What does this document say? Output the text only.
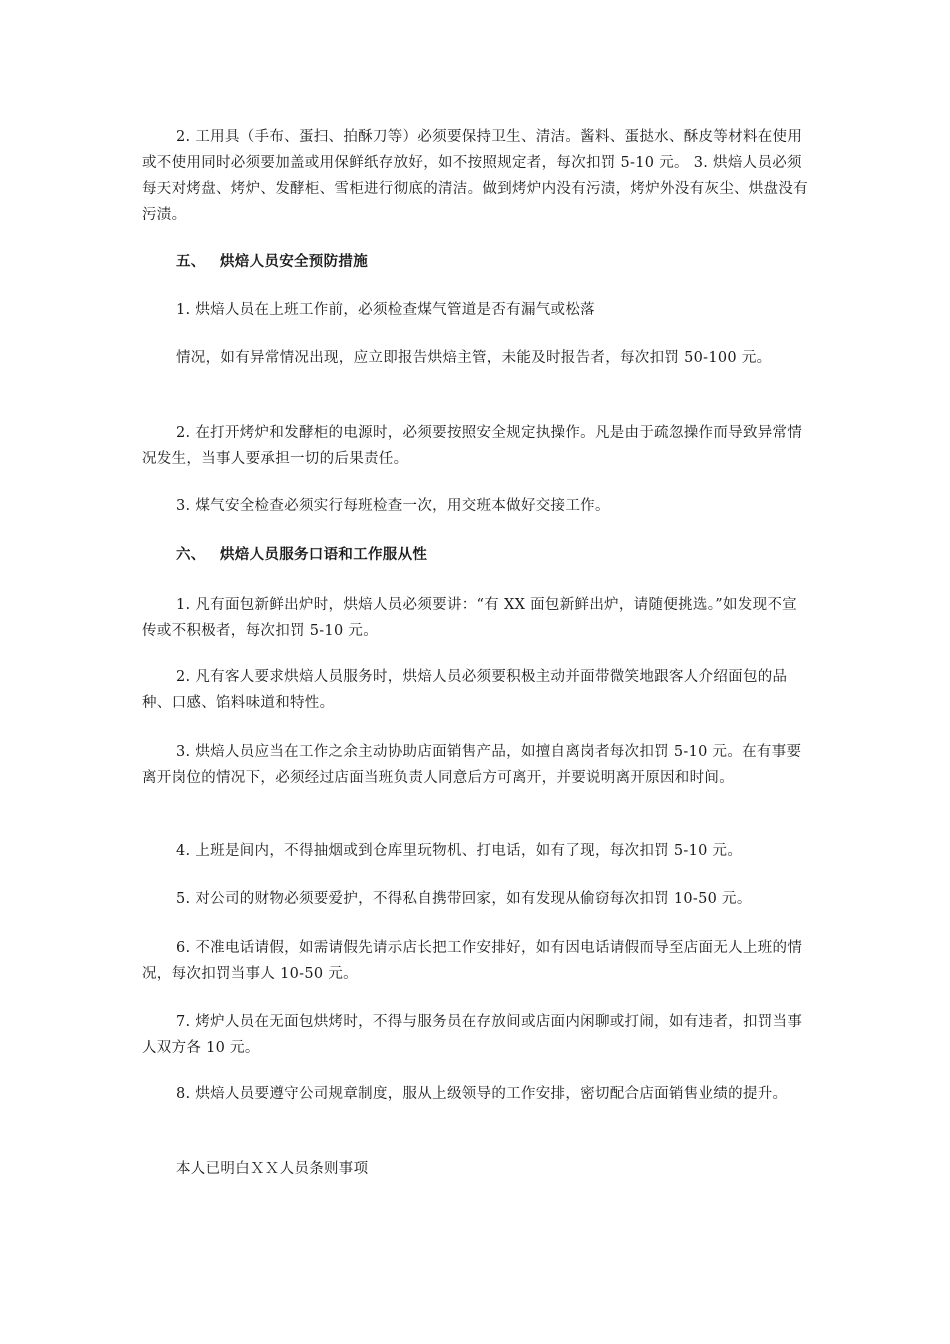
2. 工用具（手布、蛋扫、拍酥刀等）必须要保持卫生、清洁。酱料、蛋挞水、酥皮等材料在使用或不使用同时必须要加盖或用保鲜纸存放好，如不按照规定者，每次扣罚 5-10 元。 3. 烘焙人员必须每天对烤盘、烤炉、发酵柜、雪柜进行彻底的清洁。做到烤炉内没有污渍，烤炉外没有灰尘、烘盘没有污渍。

五、 烘焙人员安全预防措施

1. 烘焙人员在上班工作前，必须检查煤气管道是否有漏气或松落

情况，如有异常情况出现，应立即报告烘焙主管，未能及时报告者，每次扣罚 50-100 元。

2. 在打开烤炉和发酵柜的电源时，必须要按照安全规定执操作。凡是由于疏忽操作而导致异常情况发生，当事人要承担一切的后果责任。

3. 煤气安全检查必须实行每班检查一次，用交班本做好交接工作。

六、 烘焙人员服务口语和工作服从性

1. 凡有面包新鲜出炉时，烘焙人员必须要讲：“有 XX 面包新鲜出炉，请随便挑选。”如发现不宣传或不积极者，每次扣罚 5-10 元。

2. 凡有客人要求烘焙人员服务时，烘焙人员必须要积极主动并面带微笑地跟客人介绍面包的品种、口感、馅料味道和特性。

3. 烘焙人员应当在工作之余主动协助店面销售产品，如擅自离岗者每次扣罚 5-10 元。在有事要离开岗位的情况下，必须经过店面当班负责人同意后方可离开，并要说明离开原因和时间。

4. 上班是间内，不得抽烟或到仓库里玩物机、打电话，如有了现，每次扣罚 5-10 元。

5. 对公司的财物必须要爱护，不得私自携带回家，如有发现从偷窃每次扣罚 10-50 元。

6. 不准电话请假，如需请假先请示店长把工作安排好，如有因电话请假而导至店面无人上班的情况，每次扣罚当事人 10-50 元。

7. 烤炉人员在无面包烘烤时，不得与服务员在存放间或店面内闲聊或打闹，如有违者，扣罚当事人双方各 10 元。

8. 烘焙人员要遵守公司规章制度，服从上级领导的工作安排，密切配合店面销售业绩的提升。

本人已明白ＸＸ人员条则事项
